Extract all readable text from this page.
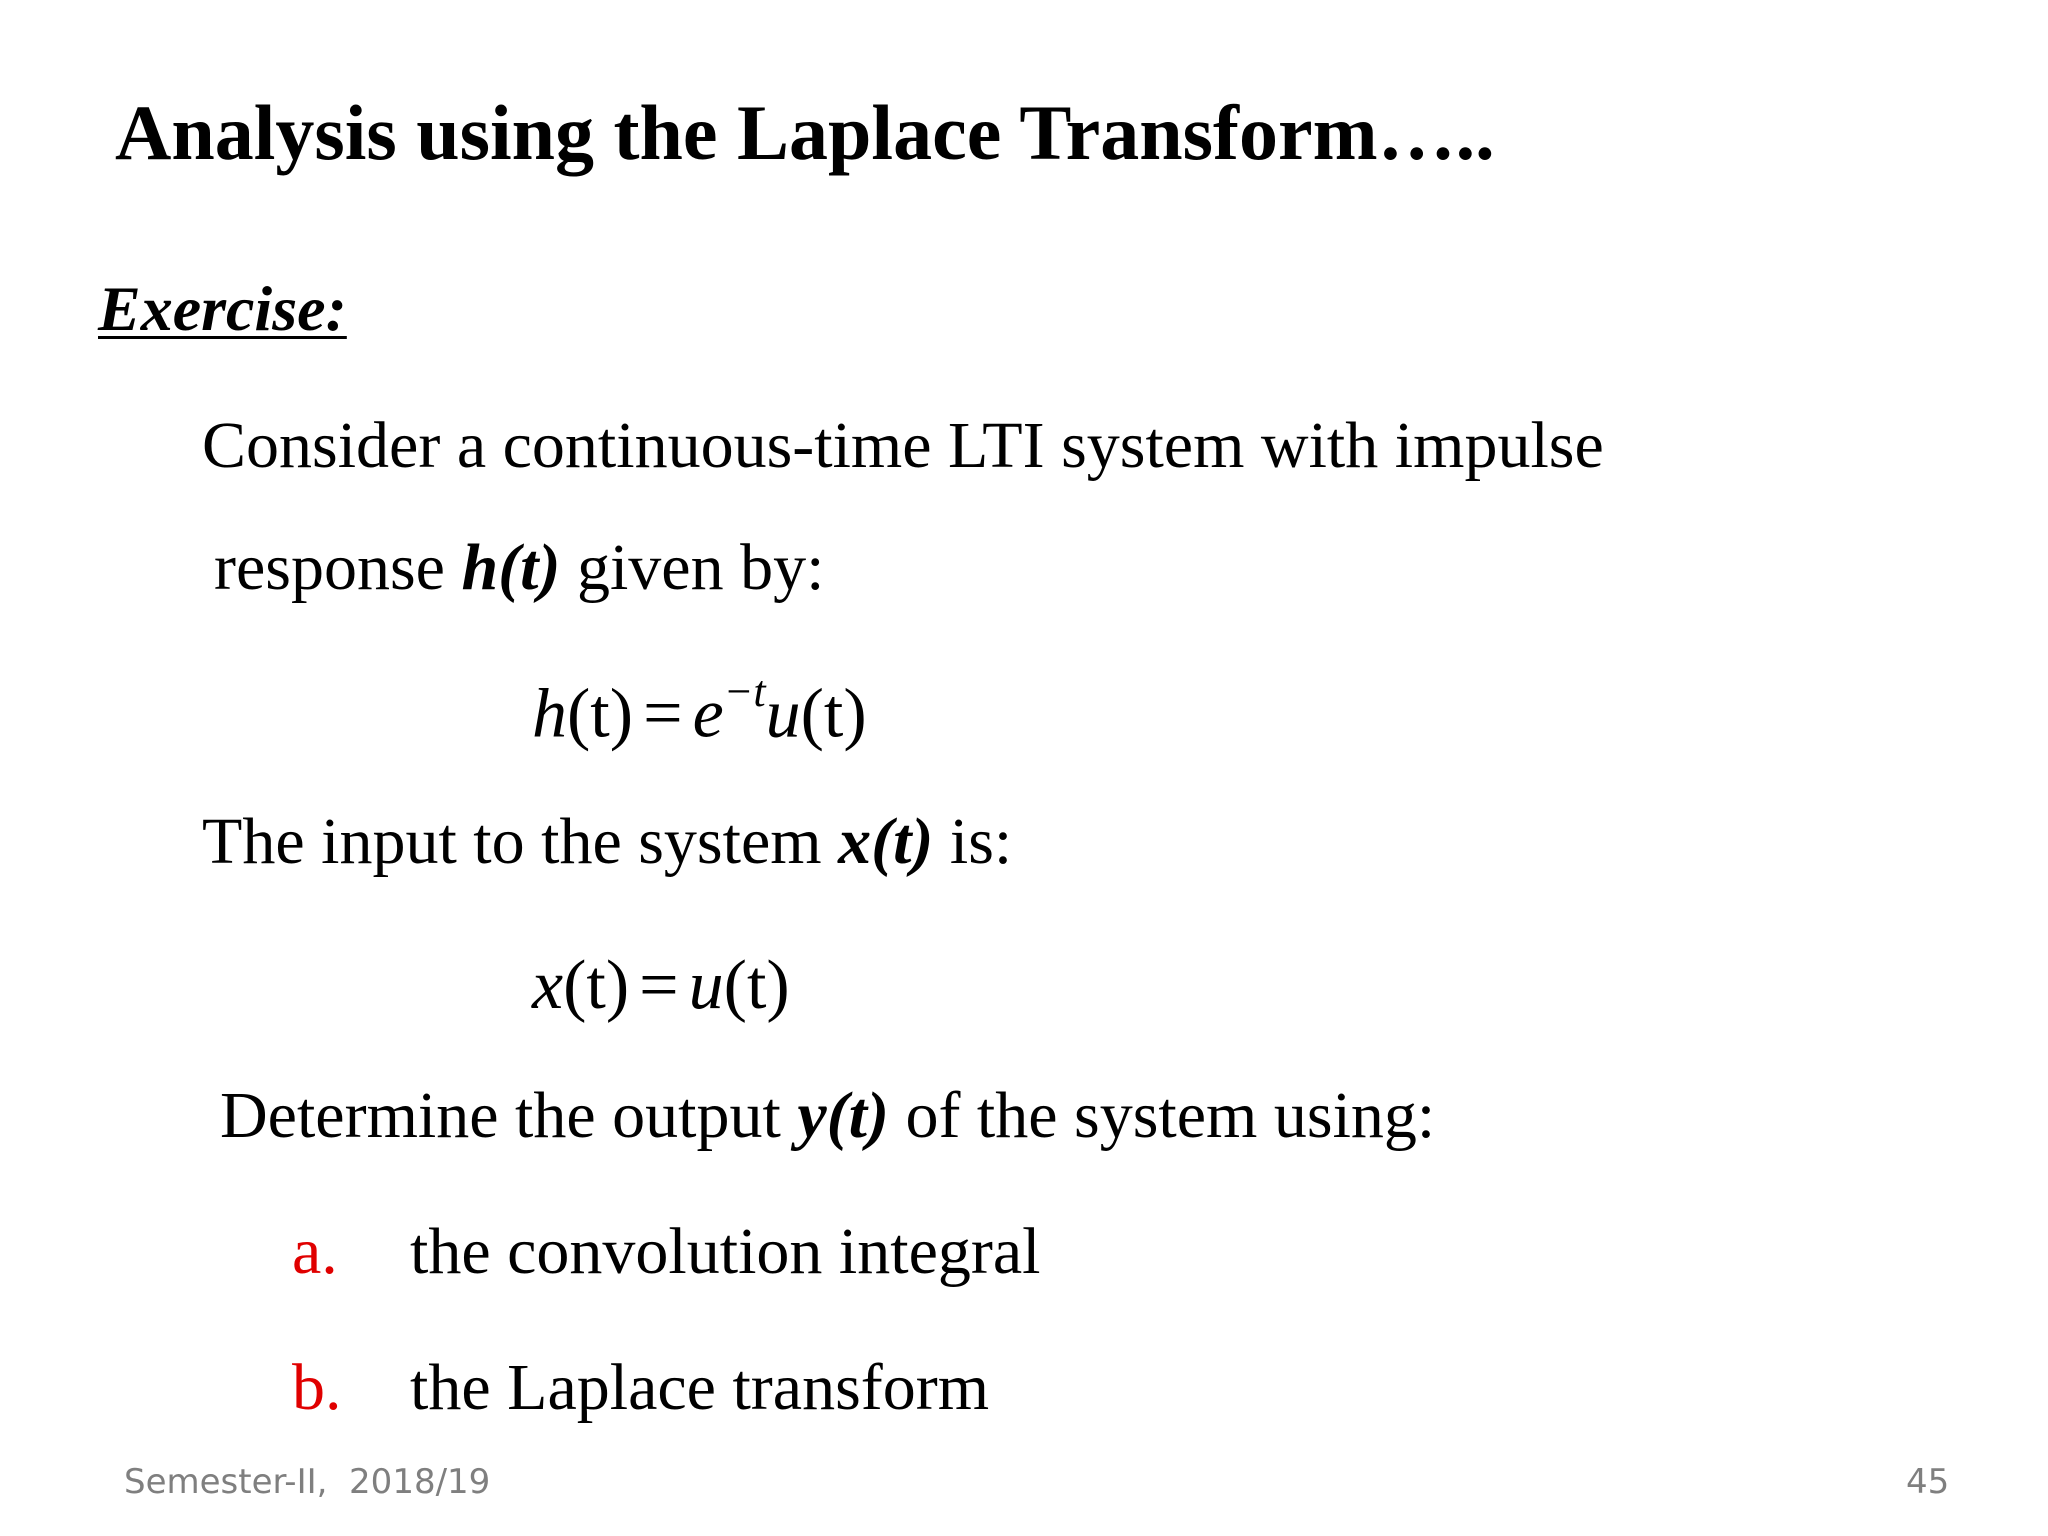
Analysis using the Laplace Transform…..
Exercise:
Consider a continuous-time LTI system with impulse
response h(t) given by:
$h(t) = e^{-t}u(t)$
The input to the system x(t) is:
x(t) = u(t)
Determine the output y(t) of the system using:
a. the convolution integral
b. the Laplace transform
Semester-II,  2018/19	45
